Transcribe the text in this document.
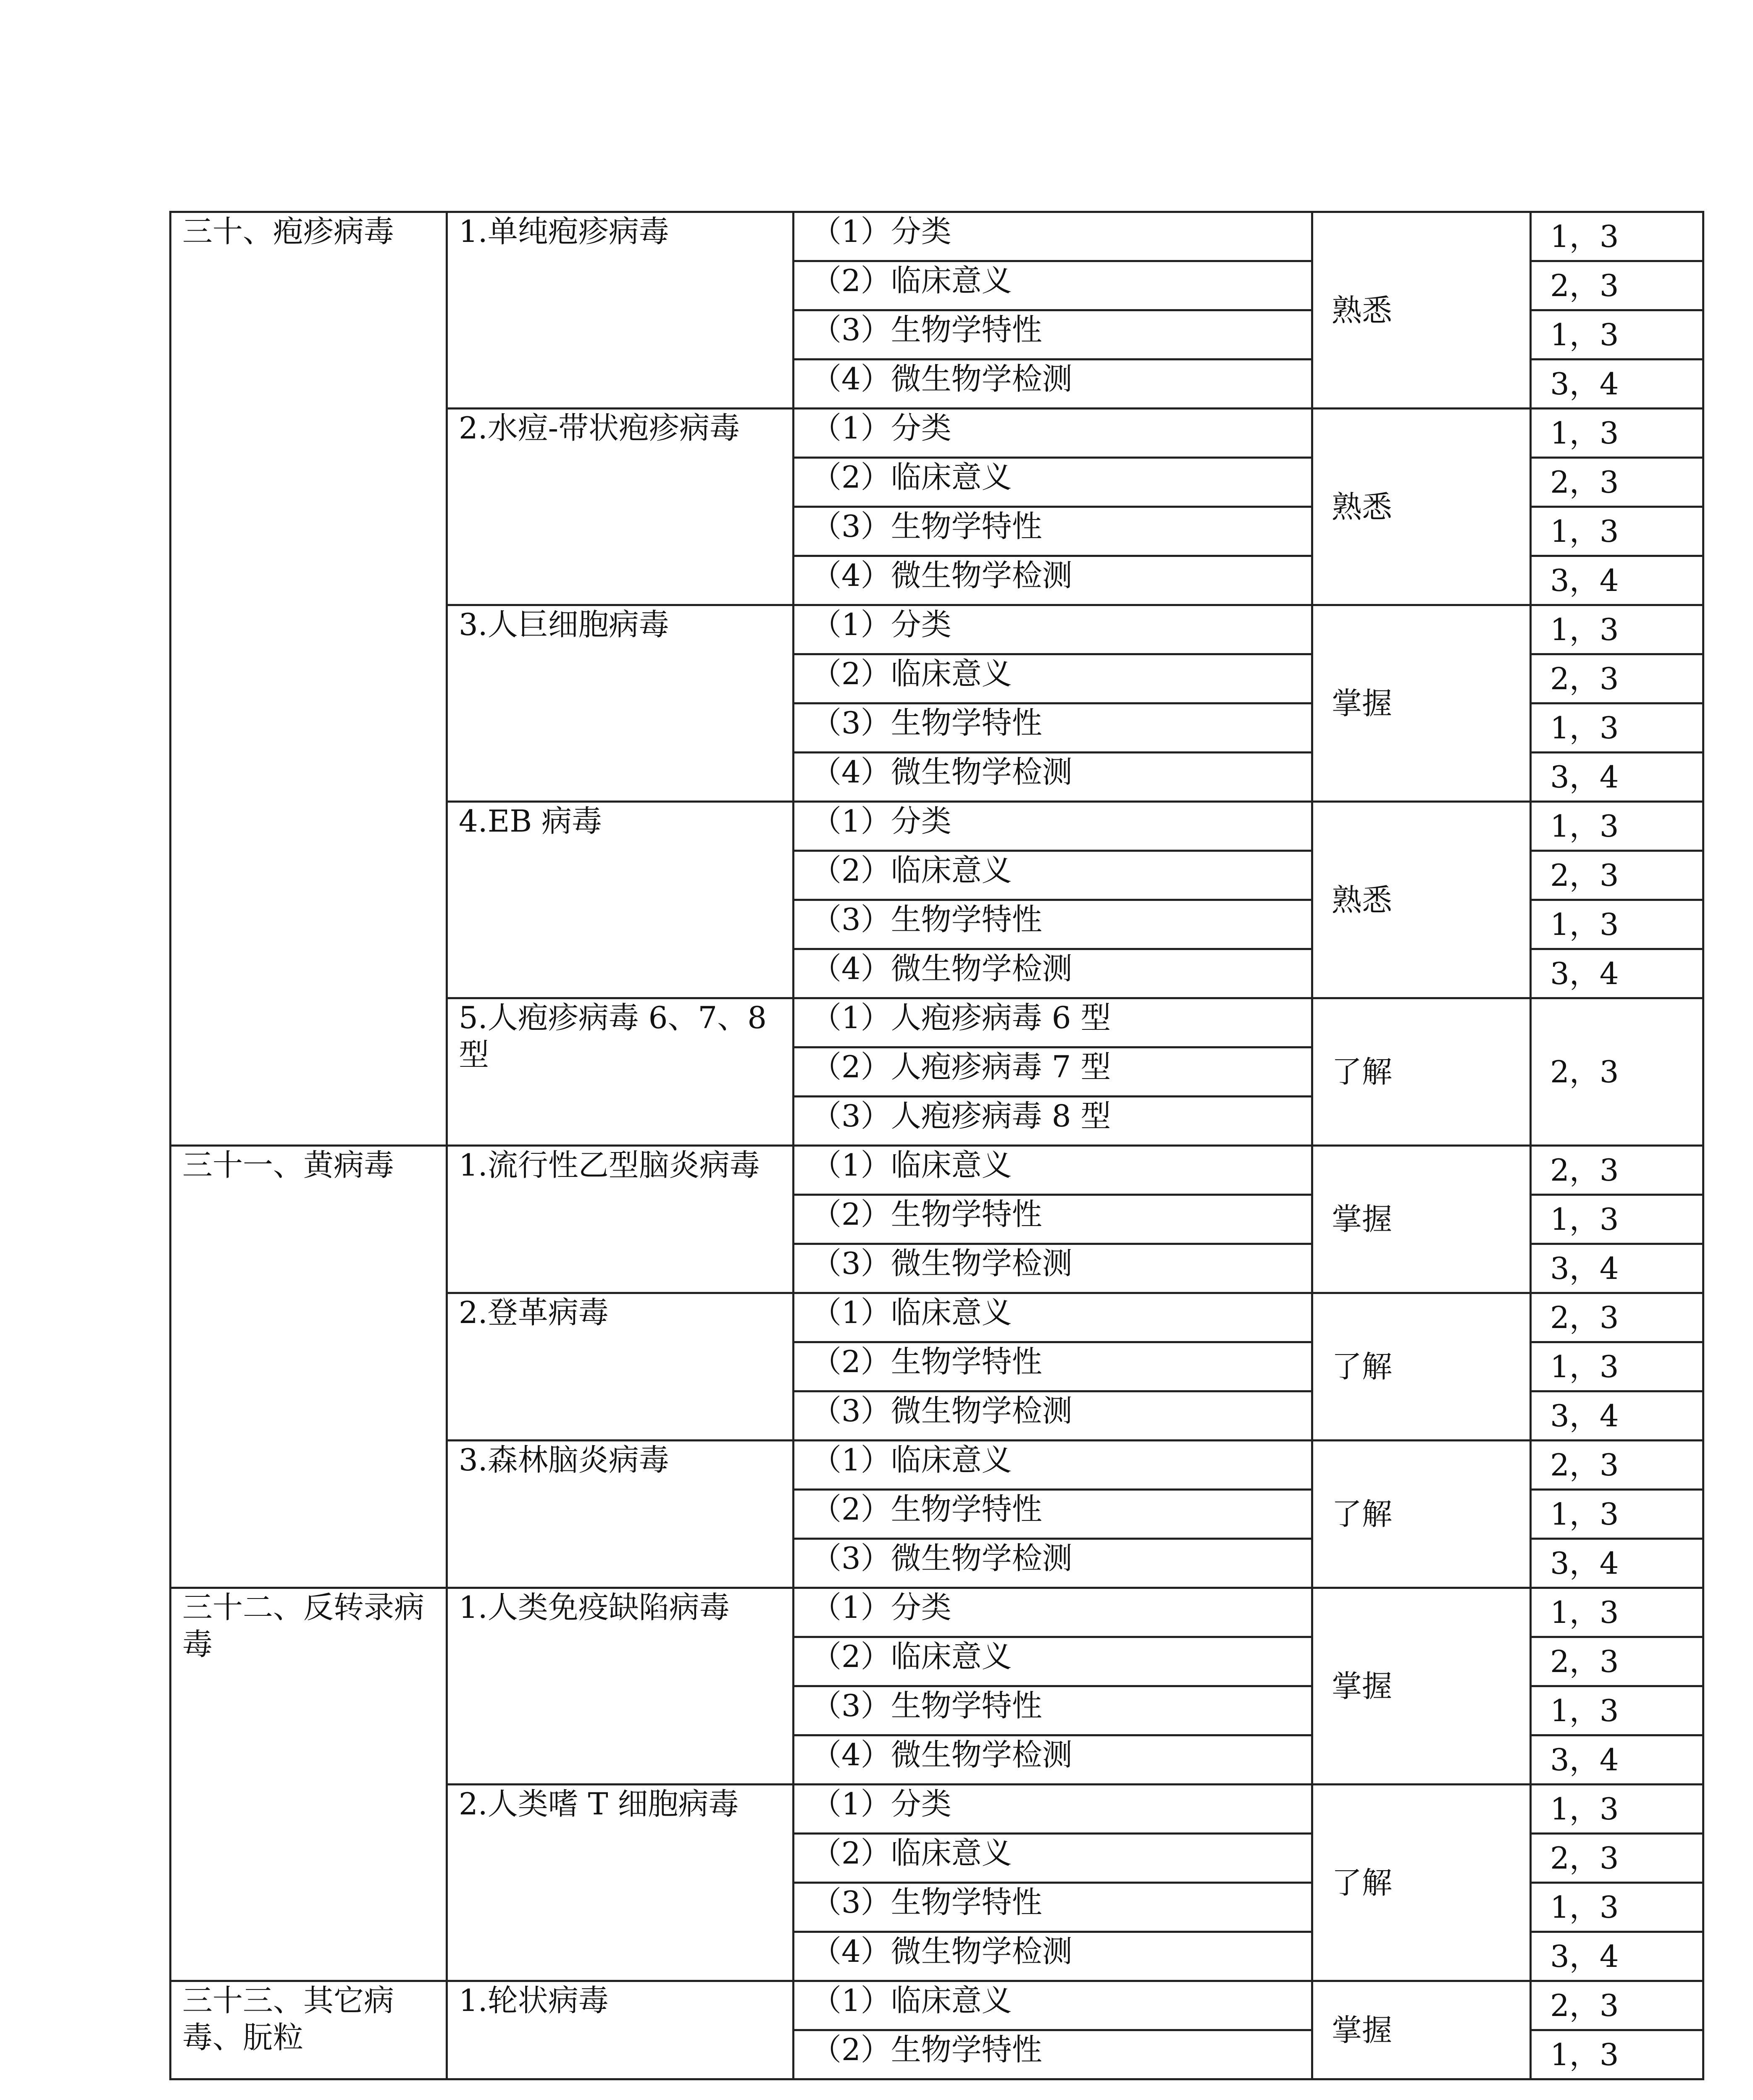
三十、疱疹病毒	1.单纯疱疹病毒	（1）分类	熟悉	1，3
		（2）临床意义		2，3
		（3）生物学特性		1，3
		（4）微生物学检测		3，4
	2.水痘-带状疱疹病毒	（1）分类	熟悉	1，3
		（2）临床意义		2，3
		（3）生物学特性		1，3
		（4）微生物学检测		3，4
	3.人巨细胞病毒	（1）分类	掌握	1，3
		（2）临床意义		2，3
		（3）生物学特性		1，3
		（4）微生物学检测		3，4
	4.EB 病毒	（1）分类	熟悉	1，3
		（2）临床意义		2，3
		（3）生物学特性		1，3
		（4）微生物学检测		3，4
	5.人疱疹病毒 6、7、8 型	（1）人疱疹病毒 6 型	了解	2，3
		（2）人疱疹病毒 7 型		
		（3）人疱疹病毒 8 型		
三十一、黄病毒	1.流行性乙型脑炎病毒	（1）临床意义	掌握	2，3
		（2）生物学特性		1，3
		（3）微生物学检测		3，4
	2.登革病毒	（1）临床意义	了解	2，3
		（2）生物学特性		1，3
		（3）微生物学检测		3，4
	3.森林脑炎病毒	（1）临床意义	了解	2，3
		（2）生物学特性		1，3
		（3）微生物学检测		3，4
三十二、反转录病毒	1.人类免疫缺陷病毒	（1）分类	掌握	1，3
		（2）临床意义		2，3
		（3）生物学特性		1，3
		（4）微生物学检测		3，4
	2.人类嗜 T 细胞病毒	（1）分类	了解	1，3
		（2）临床意义		2，3
		（3）生物学特性		1，3
		（4）微生物学检测		3，4
三十三、其它病毒、朊粒	1.轮状病毒	（1）临床意义	掌握	2，3
		（2）生物学特性		1，3
